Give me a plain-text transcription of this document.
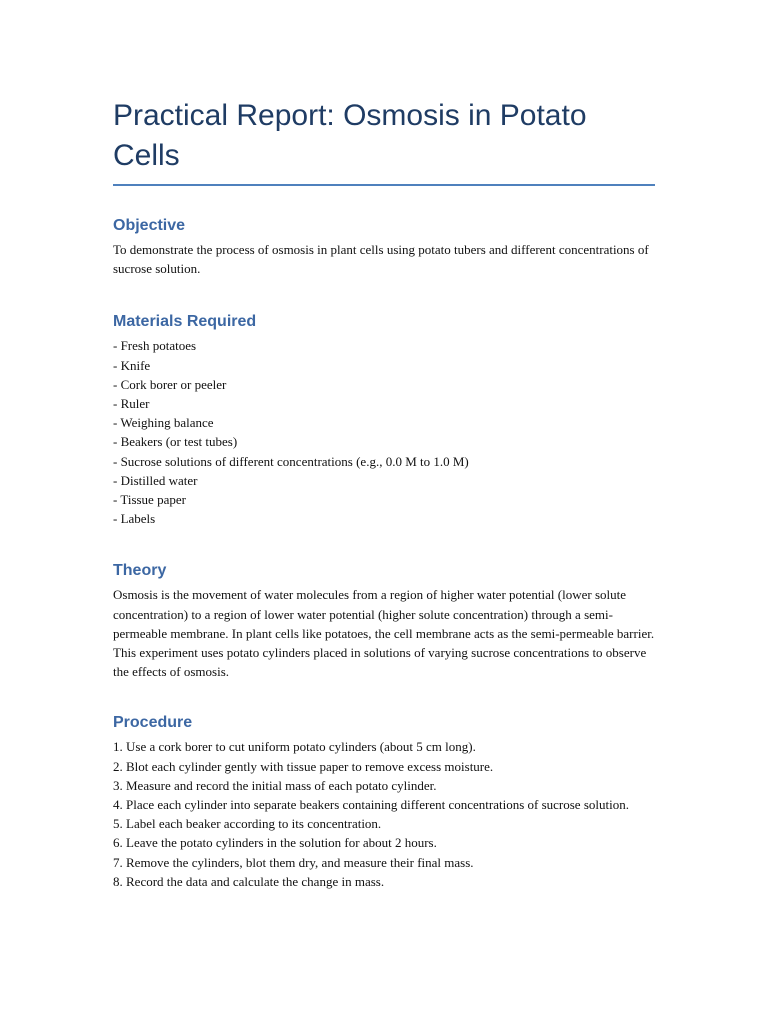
Practical Report: Osmosis in Potato Cells
Objective

To demonstrate the process of osmosis in plant cells using potato tubers and different concentrations of sucrose solution.

Materials Required
- Fresh potatoes
- Knife
- Cork borer or peeler
- Ruler
- Weighing balance
- Beakers (or test tubes)
- Sucrose solutions of different concentrations (e.g., 0.0 M to 1.0 M)
- Distilled water
- Tissue paper
- Labels
Theory

Osmosis is the movement of water molecules from a region of higher water potential (lower solute concentration) to a region of lower water potential (higher solute concentration) through a semi-permeable membrane. In plant cells like potatoes, the cell membrane acts as the semi-permeable barrier. This experiment uses potato cylinders placed in solutions of varying sucrose concentrations to observe the effects of osmosis.

Procedure
1. Use a cork borer to cut uniform potato cylinders (about 5 cm long).
2. Blot each cylinder gently with tissue paper to remove excess moisture.
3. Measure and record the initial mass of each potato cylinder.
4. Place each cylinder into separate beakers containing different concentrations of sucrose solution.
5. Label each beaker according to its concentration.
6. Leave the potato cylinders in the solution for about 2 hours.
7. Remove the cylinders, blot them dry, and measure their final mass.
8. Record the data and calculate the change in mass.
